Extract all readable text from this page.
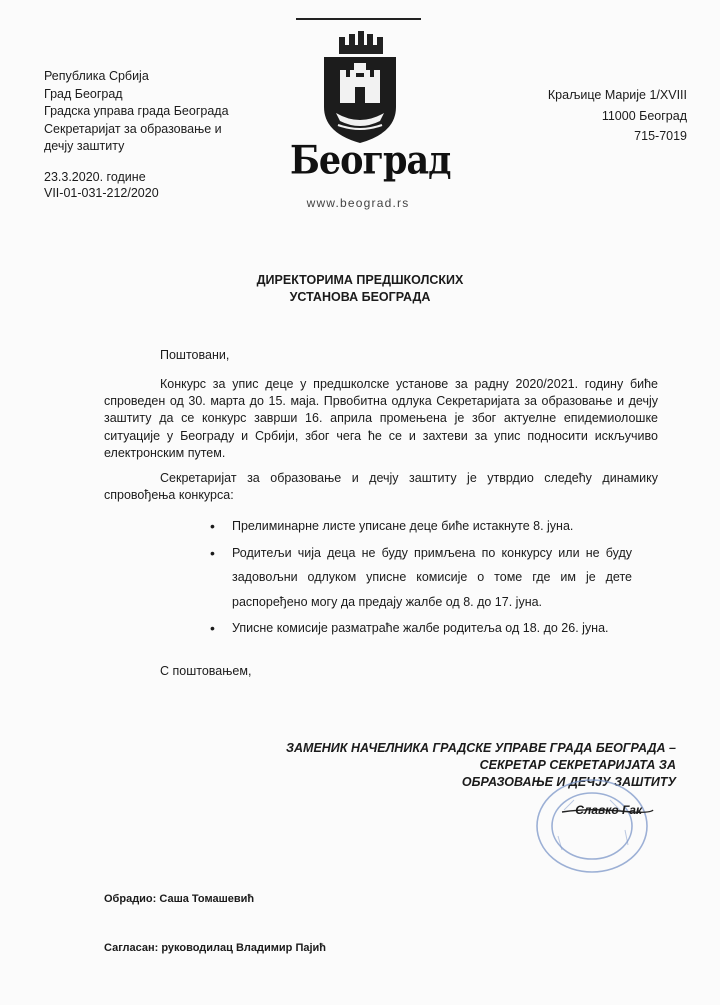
Република Србија
Град Београд
Градска управа града Београда
Секретаријат за образовање и
дечју заштиту
23.3.2020. године
VII-01-031-212/2020
Београд
www.beograd.rs
Краљице Марије 1/XVIII
11000 Београд
715-7019
ДИРЕКТОРИМА ПРЕДШКОЛСКИХ
УСТАНОВА БЕОГРАДА
Поштовани,
Конкурс за упис деце у предшколске установе за радну 2020/2021. годину биће спроведен од 30. марта до 15. маја. Првобитна одлука Секретаријата за образовање и дечју заштиту да се конкурс заврши 16. априла промењена је због актуелне епидемиолошке ситуације у Београду и Србији, због чега ће се и захтеви за упис подносити искључиво електронским путем.
Секретаријат за образовање и дечју заштиту је утврдио следећу динамику спровођења конкурса:
• Прелиминарне листе уписане деце биће истакнуте 8. јуна.
• Родитељи чија деца не буду примљена по конкурсу или не буду задовољни одлуком уписне комисије о томе где им је дете распоређено могу да предају жалбе од 8. до 17. јуна.
• Уписне комисије разматраће жалбе родитеља од 18. до 26. јуна.
С поштовањем,
ЗАМЕНИК НАЧЕЛНИКА ГРАДСКЕ УПРАВЕ ГРАДА БЕОГРАДА –
СЕКРЕТАР СЕКРЕТАРИЈАТА ЗА
ОБРАЗОВАЊЕ И ДЕЧЈУ ЗАШТИТУ
Славко Гак
Обрадио: Саша Томашевић
Сагласан: руководилац Владимир Пајић
